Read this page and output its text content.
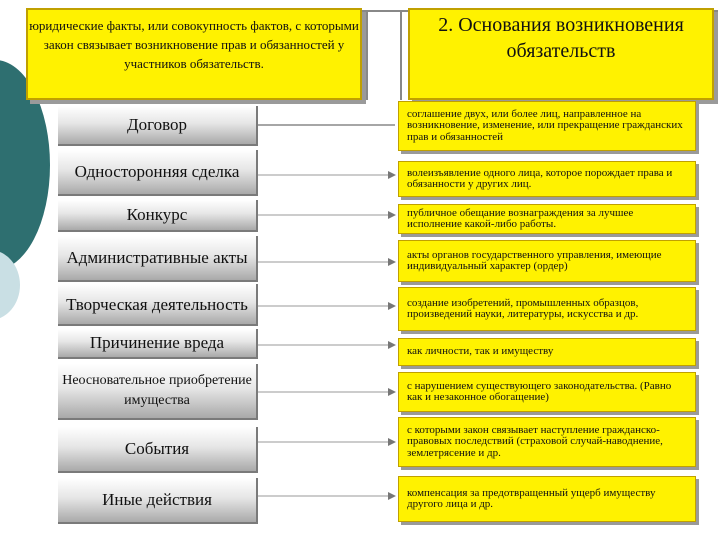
юридические факты, или совокупность фактов, с которыми закон связывает возникновение прав и обязанностей у участников обязательств.
2. Основания возникновения обязательств
Договор
Односторонняя сделка
Конкурс
Административные акты
Творческая деятельность
Причинение вреда
Неосновательное приобретение имущества
События
Иные действия
соглашение двух, или более лиц, направленное на возникновение, изменение, или прекращение гражданских прав и обязанностей
волеизъявление одного лица, которое порождает права и обязанности у других лиц.
публичное обещание вознаграждения за лучшее исполнение какой-либо работы.
акты органов государственного управления, имеющие индивидуальный характер (ордер)
создание изобретений, промышленных образцов, произведений науки, литературы, искусства и др.
как личности, так и имуществу
с нарушением существующего законодательства. (Равно как и незаконное обогащение)
с которыми закон связывает наступление гражданско-правовых последствий (страховой случай-наводнение, землетрясение и др.
компенсация за предотвращенный ущерб имуществу другого лица и др.
